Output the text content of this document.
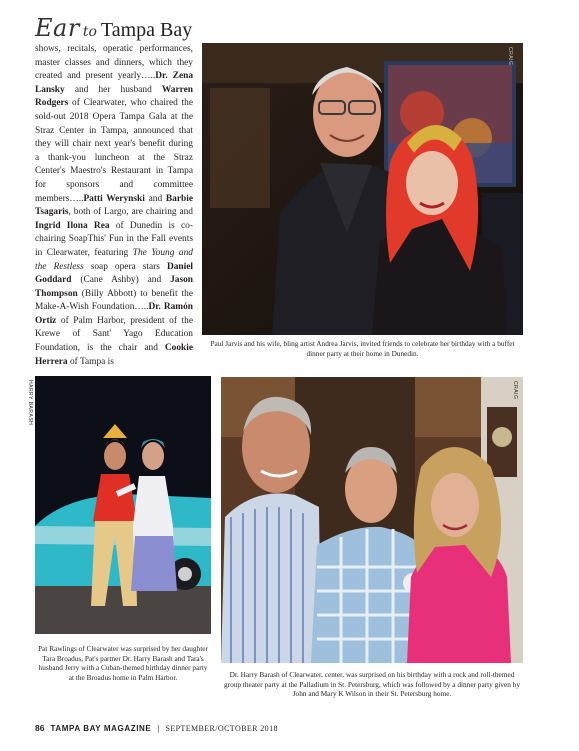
Ear to Tampa Bay
shows, recitals, operatic performances, master classes and dinners, which they created and present yearly…..Dr. Zena Lansky and her husband Warren Rodgers of Clearwater, who chaired the sold-out 2018 Opera Tampa Gala at the Straz Center in Tampa, announced that they will chair next year's benefit during a thank-you luncheon at the Straz Center's Maestro's Restaurant in Tampa for sponsors and committee members…..Patti Werynski and Barbie Tsagaris, both of Largo, are chairing and Ingrid Ilona Rea of Dunedin is co-chairing SoapThis' Fun in the Fall events in Clearwater, featuring The Young and the Restless soap opera stars Daniel Goddard (Cane Ashby) and Jason Thompson (Billy Abbott) to benefit the Make-A-Wish Foundation…..Dr. Ramón Ortiz of Palm Harbor, president of the Krewe of Sant' Yago Education Foundation, is the chair and Cookie Herrera of Tampa is
CRAIG
Paul Jarvis and his wife, bling artist Andrea Jarvis, invited friends to celebrate her birthday with a buffet dinner party at their home in Dunedin.
HARRY BARASH
Pat Rawlings of Clearwater was surprised by her daughter Tara Broadus, Pat's partner Dr. Harry Barash and Tara's husband Jerry with a Cuban-themed birthday dinner party at the Broadus home in Palm Harbor.
CRAIG
Dr. Harry Barash of Clearwater, center, was surprised on his birthday with a rock and roll-themed group theater party at the Palladium in St. Petersburg, which was followed by a dinner party given by John and Mary K Wilson in their St. Petersburg home.
86 TAMPA BAY MAGAZINE | SEPTEMBER/OCTOBER 2018
